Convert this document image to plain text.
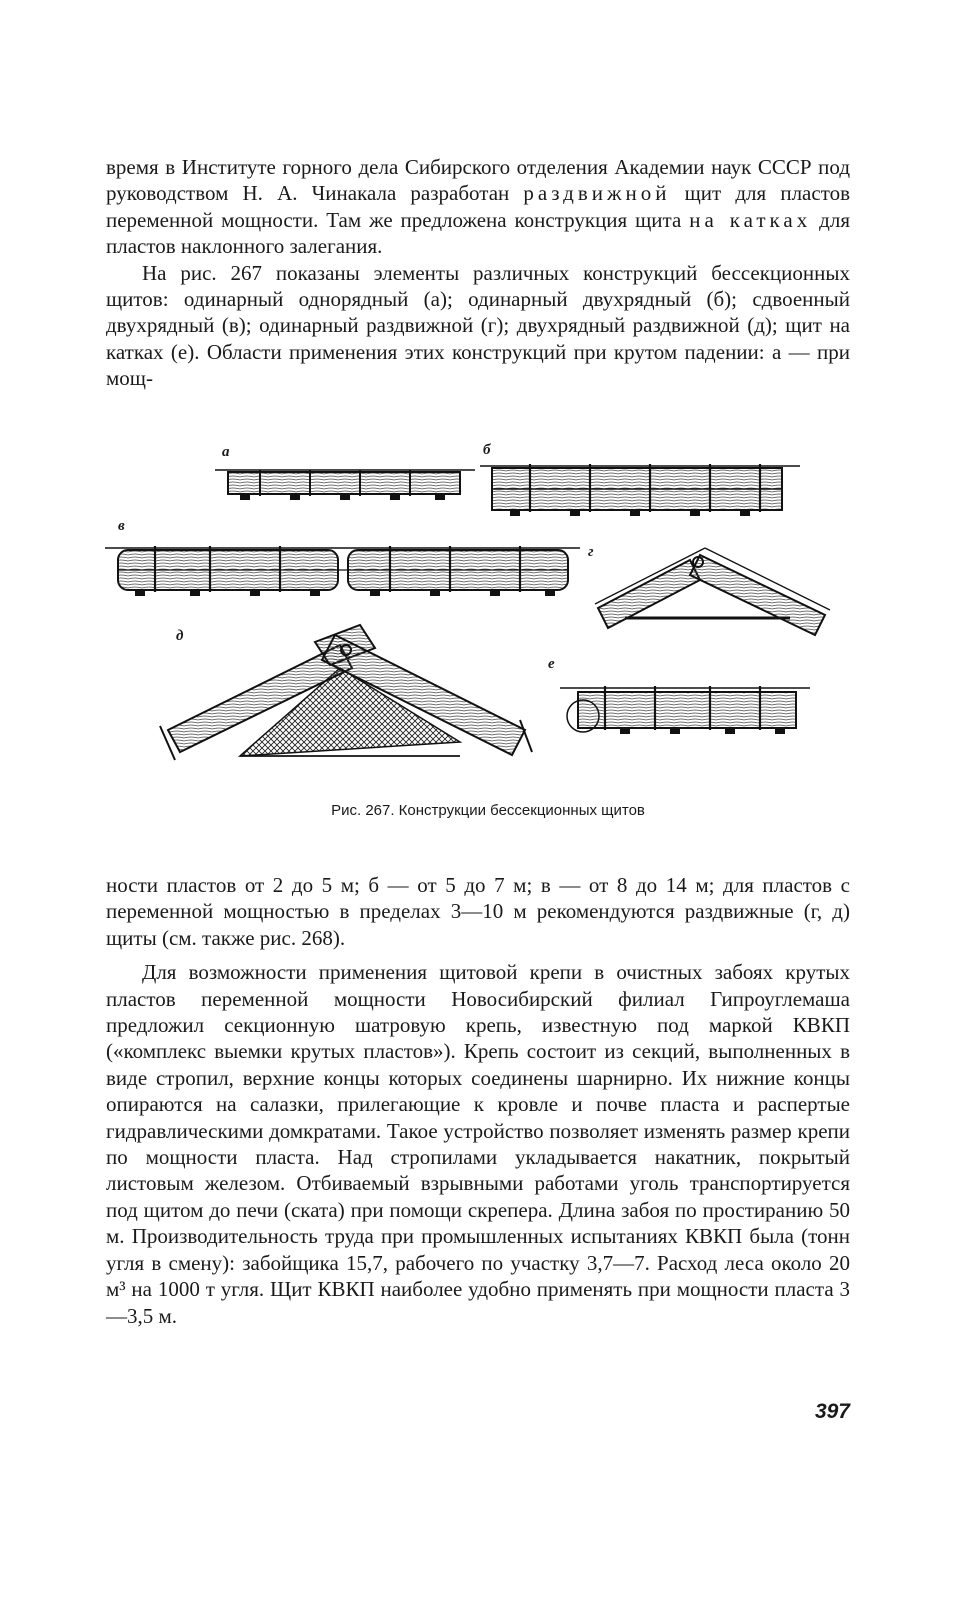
время в Институте горного дела Сибирского отделения Академии наук СССР под руководством Н. А. Чинакала разработан раздвижной щит для пластов переменной мощности. Там же предложена конструкция щита на катках для пластов наклонного залегания.

На рис. 267 показаны элементы различных конструкций бессекционных щитов: одинарный однорядный (а); одинарный двухрядный (б); сдвоенный двухрядный (в); одинарный раздвижной (г); двухрядный раздвижной (д); щит на катках (е). Области применения этих конструкций при крутом падении: а — при мощ-

а	б
в
г
д
е
Рис. 267. Конструкции бессекционных щитов

ности пластов от 2 до 5 м; б — от 5 до 7 м; в — от 8 до 14 м; для пластов с переменной мощностью в пределах 3—10 м рекомендуются раздвижные (г, д) щиты (см. также рис. 268).

Для возможности применения щитовой крепи в очистных забоях крутых пластов переменной мощности Новосибирский филиал Гипроуглемаша предложил секционную шатровую крепь, известную под маркой КВКП («комплекс выемки крутых пластов»). Крепь состоит из секций, выполненных в виде стропил, верхние концы которых соединены шарнирно. Их нижние концы опираются на салазки, прилегающие к кровле и почве пласта и распертые гидравлическими домкратами. Такое устройство позволяет изменять размер крепи по мощности пласта. Над стропилами укладывается накатник, покрытый листовым железом. Отбиваемый взрывными работами уголь транспортируется под щитом до печи (ската) при помощи скрепера. Длина забоя по простиранию 50 м. Производительность труда при промышленных испытаниях КВКП была (тонн угля в смену): забойщика 15,7, рабочего по участку 3,7—7. Расход леса около 20 м³ на 1000 т угля. Щит КВКП наиболее удобно применять при мощности пласта 3—3,5 м.

397
